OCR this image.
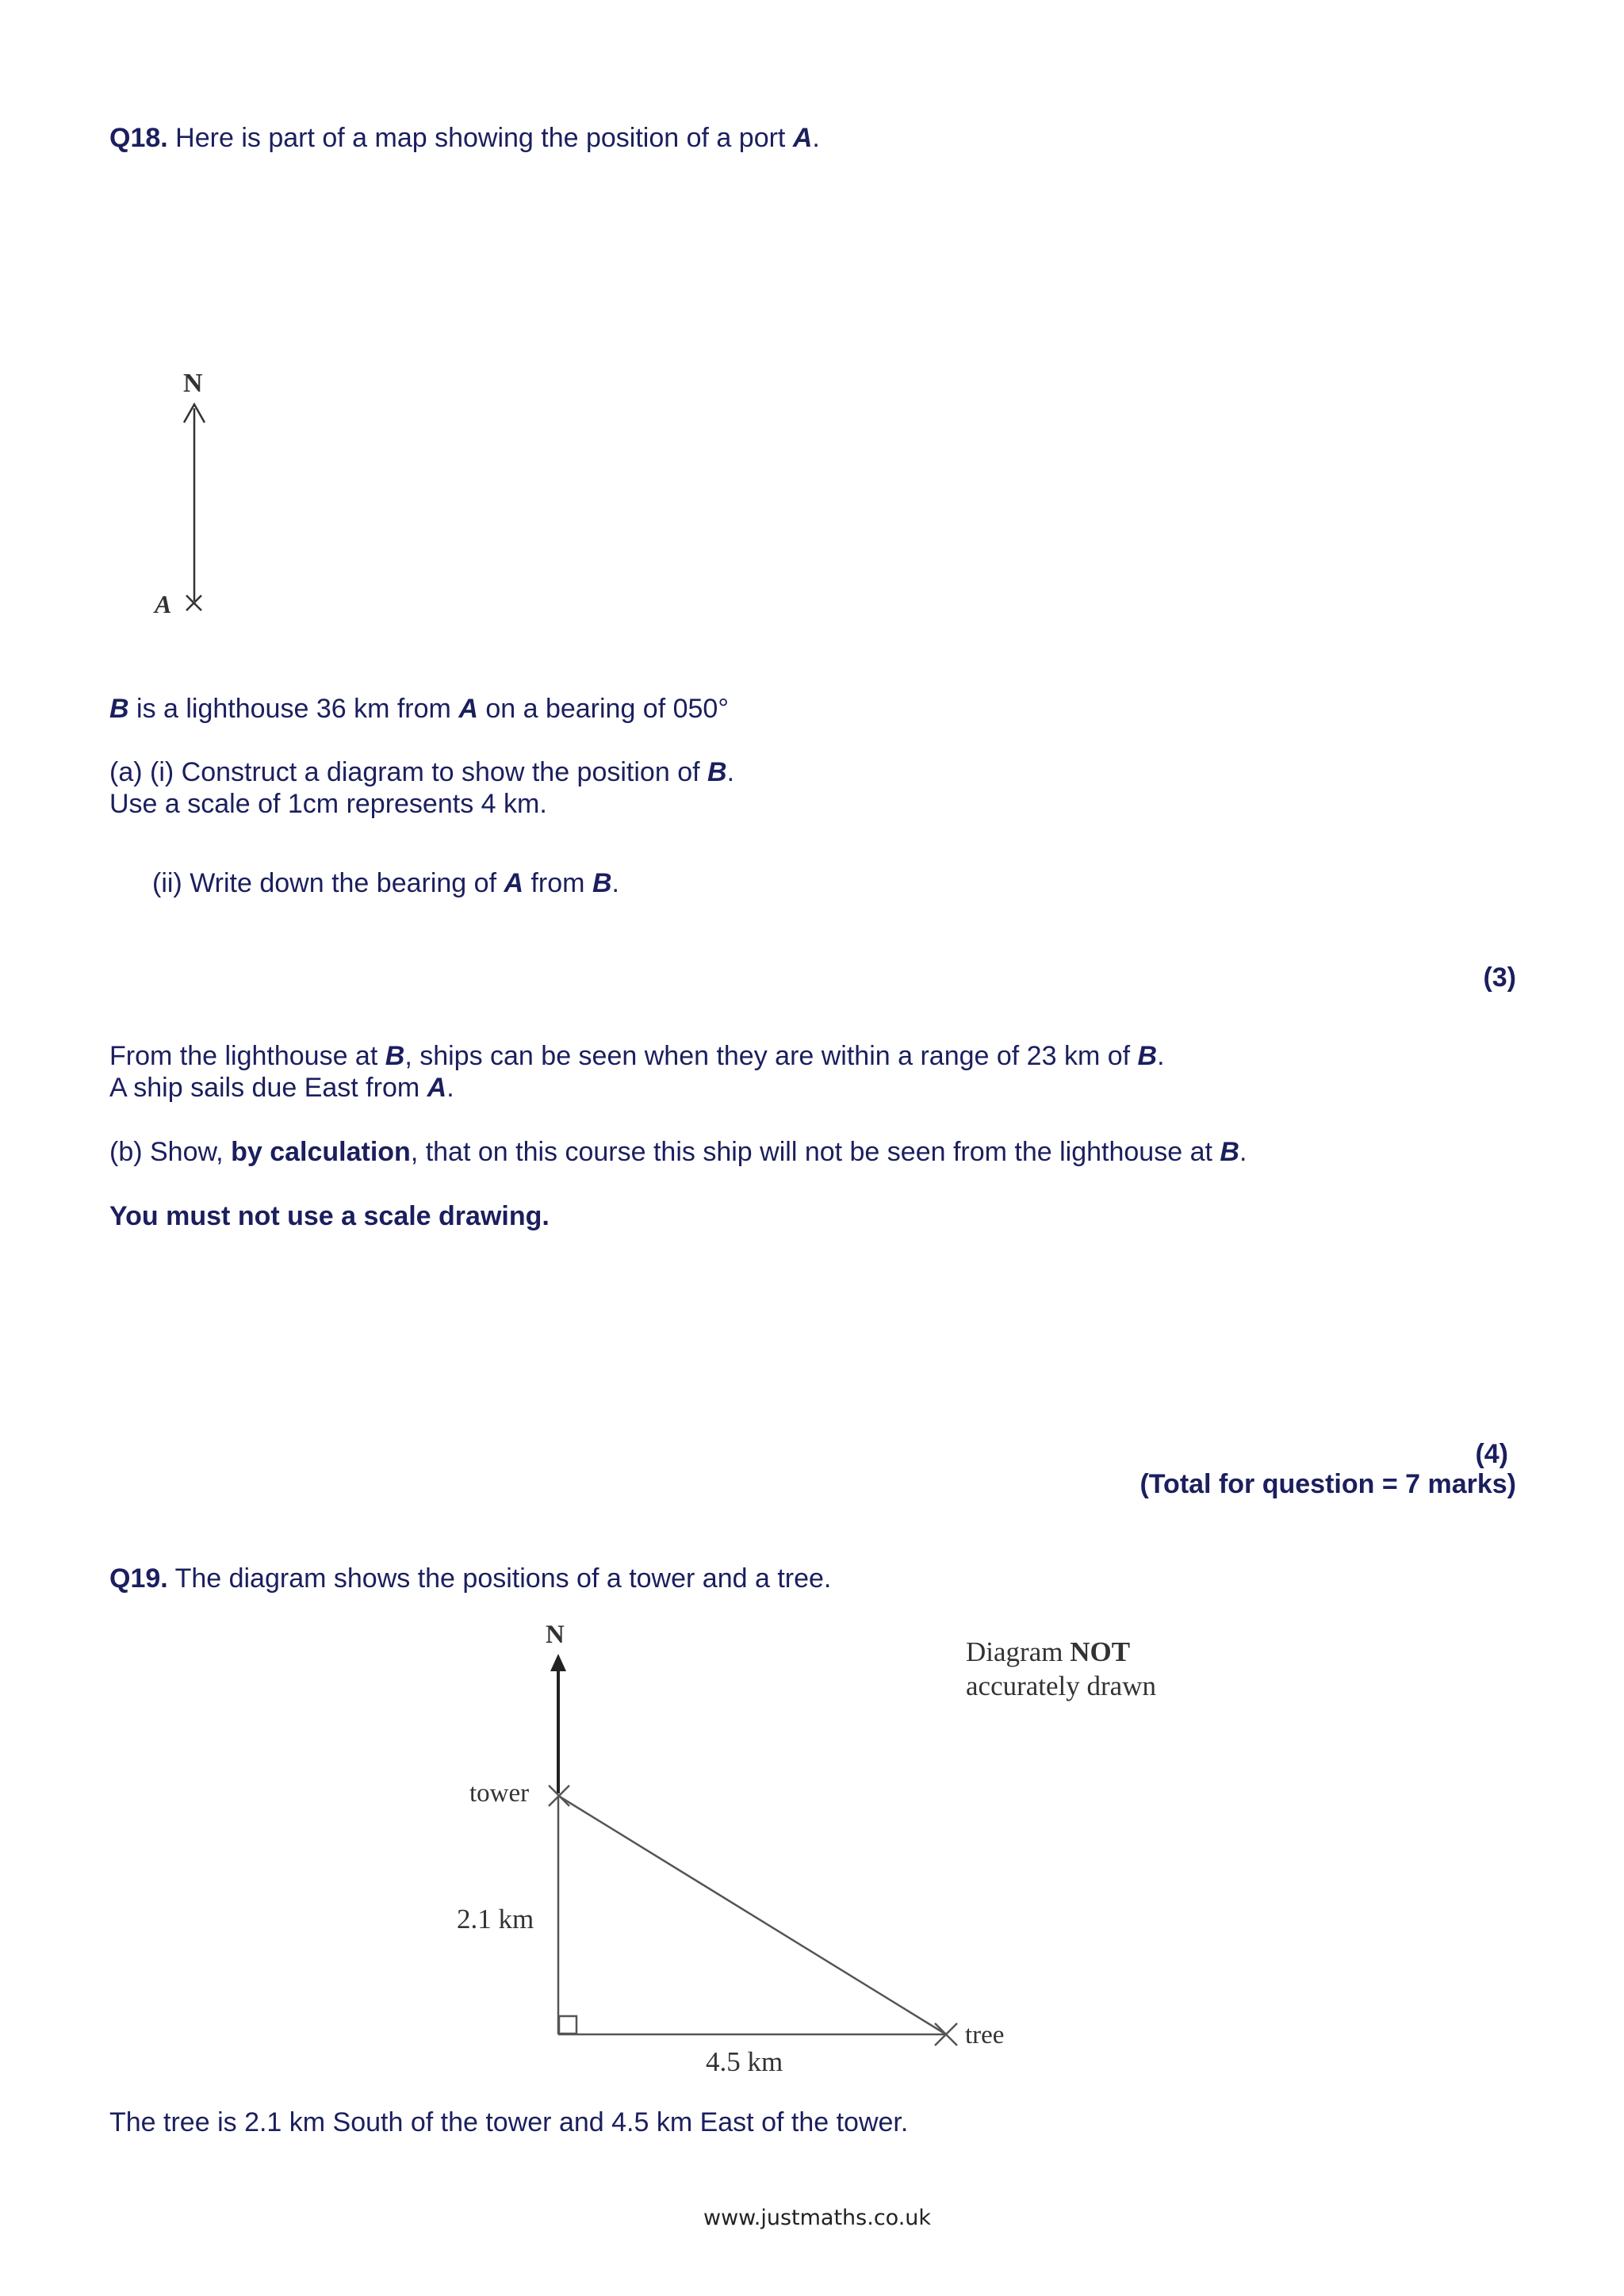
Q18. Here is part of a map showing the position of a port A.
N
A
B is a lighthouse 36 km from A on a bearing of 050°
(a) (i) Construct a diagram to show the position of B.
Use a scale of 1cm represents 4 km.
(ii) Write down the bearing of A from B.
(3)
From the lighthouse at B, ships can be seen when they are within a range of 23 km of B.
A ship sails due East from A.
(b) Show, by calculation, that on this course this ship will not be seen from the lighthouse at B.
You must not use a scale drawing.
(4)
(Total for question = 7 marks)
Q19. The diagram shows the positions of a tower and a tree.
N
tower
tree
2.1 km
4.5 km
Diagram NOT
accurately drawn
The tree is 2.1 km South of the tower and 4.5 km East of the tower.
www.justmaths.co.uk
